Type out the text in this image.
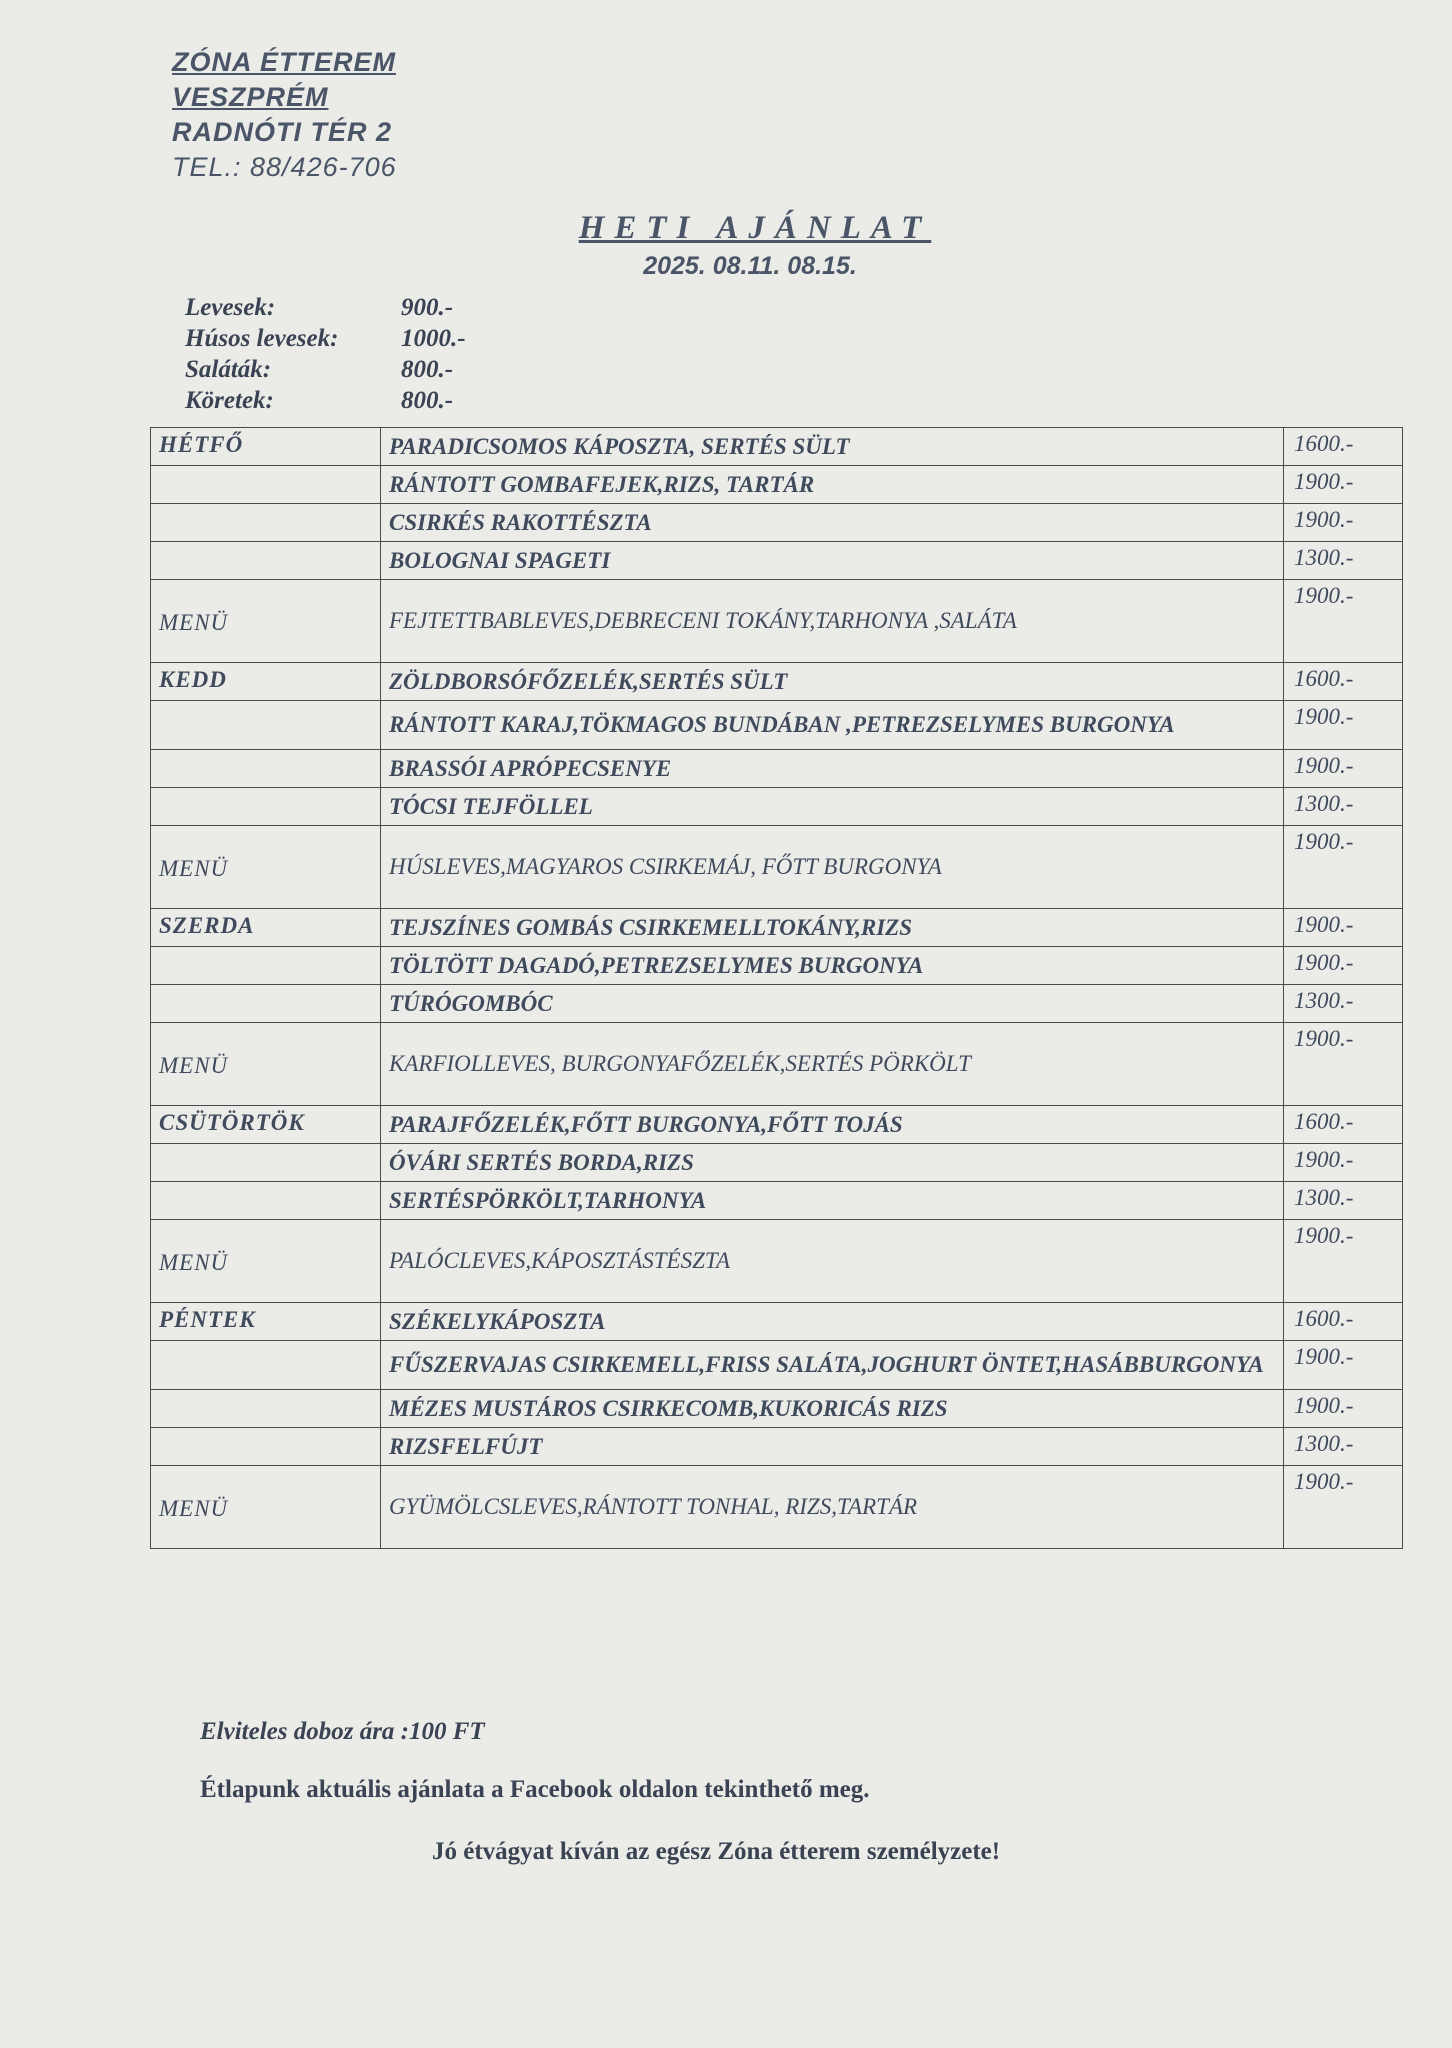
ZÓNA ÉTTEREM
VESZPRÉM
RADNÓTI TÉR 2
TEL.: 88/426-706
HETI AJÁNLAT
2025. 08.11. 08.15.
Levesek:	900.-
Húsos levesek:	1000.-
Saláták:	800.-
Köretek:	800.-
HÉTFŐ	PARADICSOMOS KÁPOSZTA, SERTÉS SÜLT	1600.-
	RÁNTOTT GOMBAFEJEK,RIZS, TARTÁR	1900.-
	CSIRKÉS RAKOTTÉSZTA	1900.-
	BOLOGNAI SPAGETI	1300.-
MENÜ	FEJTETTBABLEVES,DEBRECENI TOKÁNY,TARHONYA ,SALÁTA	1900.-
KEDD	ZÖLDBORSÓFŐZELÉK,SERTÉS SÜLT	1600.-
	RÁNTOTT KARAJ,TÖKMAGOS BUNDÁBAN ,PETREZSELYMES BURGONYA	1900.-
	BRASSÓI APRÓPECSENYE	1900.-
	TÓCSI TEJFÖLLEL	1300.-
MENÜ	HÚSLEVES,MAGYAROS CSIRKEMÁJ, FŐTT BURGONYA	1900.-
SZERDA	TEJSZÍNES GOMBÁS CSIRKEMELLTOKÁNY,RIZS	1900.-
	TÖLTÖTT DAGADÓ,PETREZSELYMES BURGONYA	1900.-
	TÚRÓGOMBÓC	1300.-
MENÜ	KARFIOLLEVES, BURGONYAFŐZELÉK,SERTÉS PÖRKÖLT	1900.-
CSÜTÖRTÖK	PARAJFŐZELÉK,FŐTT BURGONYA,FŐTT TOJÁS	1600.-
	ÓVÁRI SERTÉS BORDA,RIZS	1900.-
	SERTÉSPÖRKÖLT,TARHONYA	1300.-
MENÜ	PALÓCLEVES,KÁPOSZTÁSTÉSZTA	1900.-
PÉNTEK	SZÉKELYKÁPOSZTA	1600.-
	FŰSZERVAJAS CSIRKEMELL,FRISS SALÁTA,JOGHURT ÖNTET,HASÁBBURGONYA	1900.-
	MÉZES MUSTÁROS CSIRKECOMB,KUKORICÁS RIZS	1900.-
	RIZSFELFÚJT	1300.-
MENÜ	GYÜMÖLCSLEVES,RÁNTOTT TONHAL, RIZS,TARTÁR	1900.-
Elviteles doboz ára :100 FT
Étlapunk aktuális ajánlata a Facebook oldalon tekinthető meg.
Jó étvágyat kíván az egész Zóna étterem személyzete!
